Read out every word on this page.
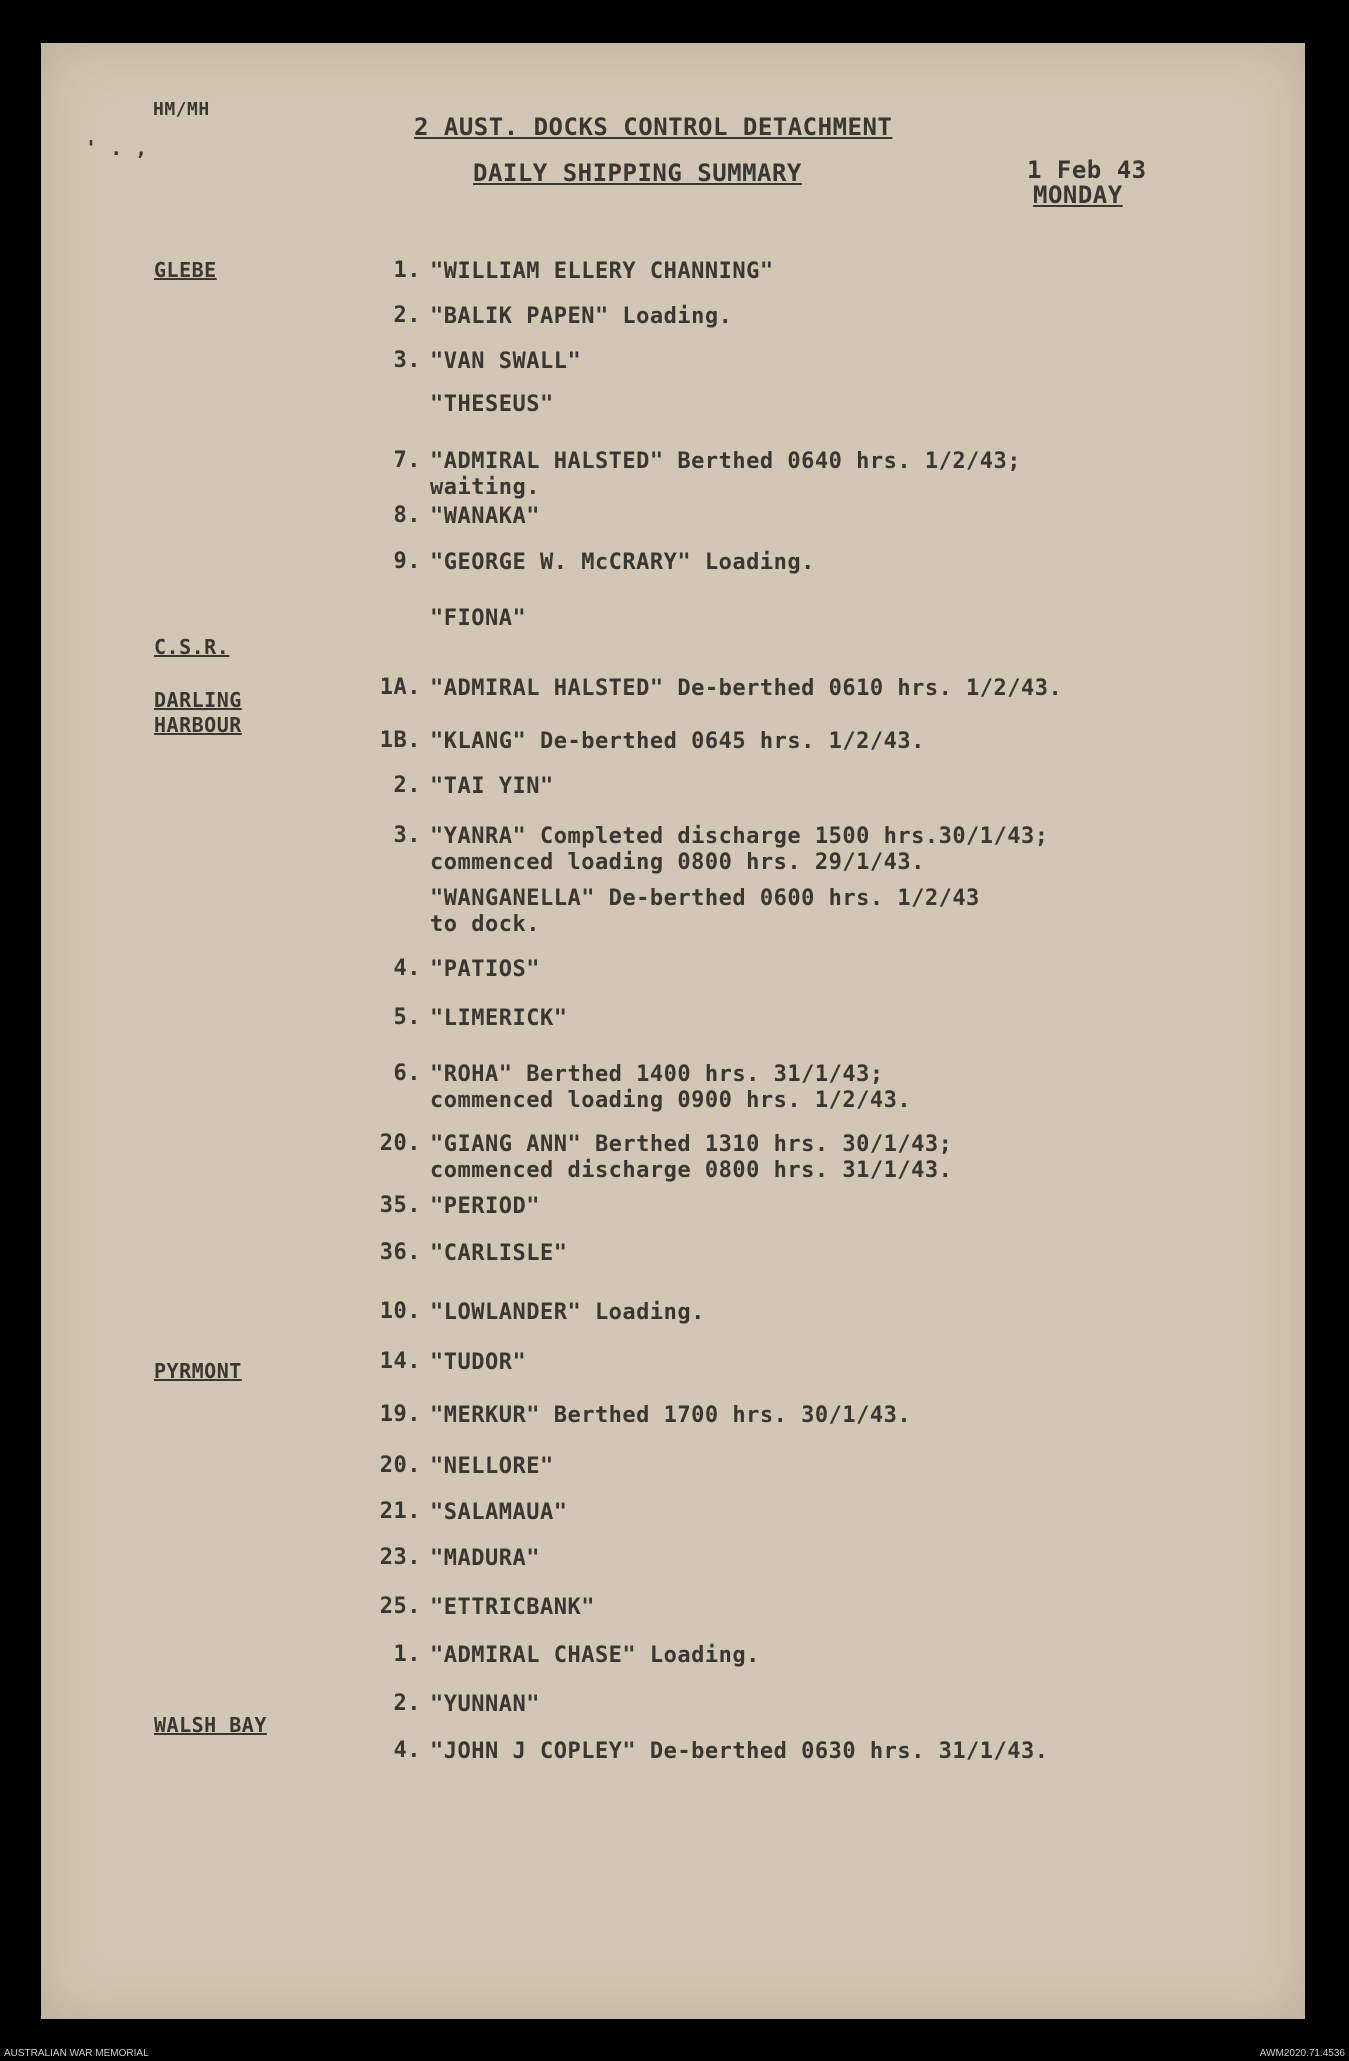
HM/MH
' . ,
2 AUST. DOCKS CONTROL DETACHMENT
DAILY SHIPPING SUMMARY	1 Feb 43
MONDAY
GLEBE
C.S.R.
DARLING
HARBOUR
PYRMONT
WALSH BAY
1. "WILLIAM ELLERY CHANNING"
2. "BALIK PAPEN" Loading.
3. "VAN SWALL"
"THESEUS"
7. "ADMIRAL HALSTED" Berthed 0640 hrs. 1/2/43;
waiting.
8. "WANAKA"
9. "GEORGE W. McCRARY" Loading.
"FIONA"
1A. "ADMIRAL HALSTED" De-berthed 0610 hrs. 1/2/43.
1B. "KLANG" De-berthed 0645 hrs. 1/2/43.
2. "TAI YIN"
3. "YANRA" Completed discharge 1500 hrs.30/1/43;
commenced loading 0800 hrs. 29/1/43.
"WANGANELLA" De-berthed 0600 hrs. 1/2/43
to dock.
4. "PATIOS"
5. "LIMERICK"
6. "ROHA" Berthed 1400 hrs. 31/1/43;
commenced loading 0900 hrs. 1/2/43.
20. "GIANG ANN" Berthed 1310 hrs. 30/1/43;
commenced discharge 0800 hrs. 31/1/43.
35. "PERIOD"
36. "CARLISLE"
10. "LOWLANDER" Loading.
14. "TUDOR"
19. "MERKUR" Berthed 1700 hrs. 30/1/43.
20. "NELLORE"
21. "SALAMAUA"
23. "MADURA"
25. "ETTRICBANK"
1. "ADMIRAL CHASE" Loading.
2. "YUNNAN"
4. "JOHN J COPLEY" De-berthed 0630 hrs. 31/1/43.
AUSTRALIAN WAR MEMORIAL	AWM2020.71.4536
